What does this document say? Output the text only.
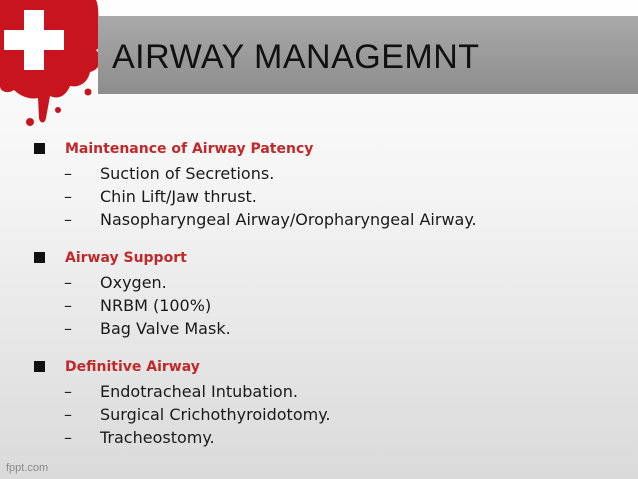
AIRWAY MANAGEMNT
Maintenance of Airway Patency
–	Suction of Secretions.
–	Chin Lift/Jaw thrust.
–	Nasopharyngeal Airway/Oropharyngeal Airway.
Airway Support
–	Oxygen.
–	NRBM (100%)
–	Bag Valve Mask.
Definitive Airway
–	Endotracheal Intubation.
–	Surgical Crichothyroidotomy.
–	Tracheostomy.
fppt.com
